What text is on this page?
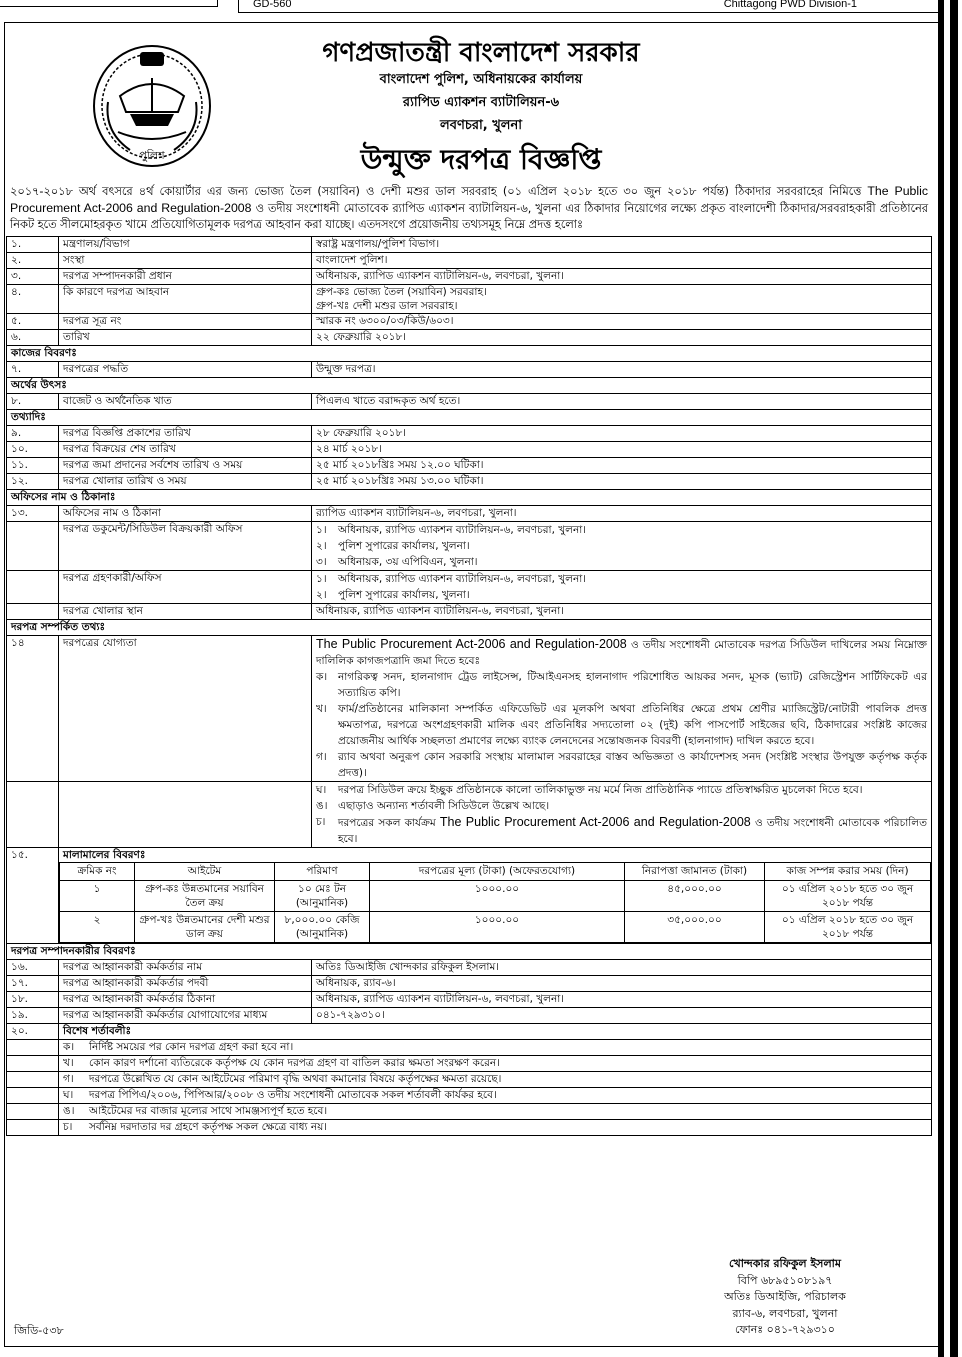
GD-560	Chittagong PWD Division-1
পুলিশ
গণপ্রজাতন্ত্রী বাংলাদেশ সরকার
বাংলাদেশ পুলিশ, অধিনায়কের কার্যালয়
র‌্যাপিড এ্যাকশন ব্যাটালিয়ন-৬
লবণচরা, খুলনা
উন্মুক্ত দরপত্র বিজ্ঞপ্তি
২০১৭-২০১৮ অর্থ বৎসরে ৪র্থ কোয়ার্টার এর জন্য ভোজ্য তৈল (সয়াবিন) ও দেশী মশুর ডাল সরবরাহ (০১ এপ্রিল ২০১৮ হতে ৩০ জুন ২০১৮ পর্যন্ত) ঠিকাদার সরবরাহের নিমিত্তে The Public Procurement Act-2006 and Regulation-2008 ও তদীয় সংশোধনী মোতাবেক র‌্যাপিড এ্যাকশন ব্যাটালিয়ন-৬, খুলনা এর ঠিকাদার নিয়োগের লক্ষ্যে প্রকৃত বাংলাদেশী ঠিকাদার/সরবরাহকারী প্রতিষ্ঠানের নিকট হতে সীলমোহরকৃত খামে প্রতিযোগিতামূলক দরপত্র আহবান করা যাচ্ছে। এতদসংগে প্রয়োজনীয় তথ্যসমূহ নিম্নে প্রদত্ত হলোঃ
১.	মন্ত্রণালয়/বিভাগ	স্বরাষ্ট্র মন্ত্রণালয়/পুলিশ বিভাগ।
২.	সংস্থা	বাংলাদেশ পুলিশ।
৩.	দরপত্র সম্পাদনকারী প্রধান	অধিনায়ক, র‌্যাপিড এ্যাকশন ব্যাটালিয়ন-৬, লবণচরা, খুলনা।
৪.	কি কারণে দরপত্র আহবান	গ্রুপ-কঃ ভোজ্য তৈল (সয়াবিন) সরবরাহ।
গ্রুপ-খঃ দেশী মশুর ডাল সরবরাহ।

৫.	দরপত্র সূত্র নং	স্মারক নং ৬৩০০/০৩/কিউ/৬০৩।
৬.	তারিখ	২২ ফেব্রুয়ারি ২০১৮।
কাজের বিবরণঃ
৭.	দরপত্রের পদ্ধতি	উন্মুক্ত দরপত্র।
অর্থের উৎসঃ
৮.	বাজেট ও অর্থনৈতিক খাত	পিএলএ খাতে বরাদ্দকৃত অর্থ হতে।
তথ্যাদিঃ
৯.	দরপত্র বিজ্ঞপ্তি প্রকাশের তারিখ	২৮ ফেব্রুয়ারি ২০১৮।
১০.	দরপত্র বিক্রয়ের শেষ তারিখ	২৪ মার্চ ২০১৮।
১১.	দরপত্র জমা প্রদানের সর্বশেষ তারিখ ও সময়	২৫ মার্চ ২০১৮খ্রিঃ সময় ১২.০০ ঘটিকা।
১২.	দরপত্র খোলার তারিখ ও সময়	২৫ মার্চ ২০১৮খ্রিঃ সময় ১৩.০০ ঘটিকা।
অফিসের নাম ও ঠিকানাঃ
১৩.	অফিসের নাম ও ঠিকানা	র‌্যাপিড এ্যাকশন ব্যাটালিয়ন-৬, লবণচরা, খুলনা।
	দরপত্র ডকুমেন্ট/সিডিউল বিক্রয়কারী অফিস	১।	অধিনায়ক, র‌্যাপিড এ্যাকশন ব্যাটালিয়ন-৬, লবণচরা, খুলনা।
২।	পুলিশ সুপারের কার্যালয়, খুলনা।
৩।	অধিনায়ক, ৩য় এপিবিএন, খুলনা।

	দরপত্র গ্রহণকারী/অফিস	১।	অধিনায়ক, র‌্যাপিড এ্যাকশন ব্যাটালিয়ন-৬, লবণচরা, খুলনা।
২।	পুলিশ সুপারের কার্যালয়, খুলনা।

	দরপত্র খোলার স্থান	অধিনায়ক, র‌্যাপিড এ্যাকশন ব্যাটালিয়ন-৬, লবণচরা, খুলনা।
দরপত্র সম্পর্কিত তথ্যঃ
১৪	দরপত্রের যোগ্যতা	The Public Procurement Act-2006 and Regulation-2008 ও তদীয় সংশোধনী মোতাবেক দরপত্র সিডিউল দাখিলের সময় নিম্নোক্ত দালিলিক কাগজপত্রাদি জমা দিতে হবেঃ
ক।	নাগরিকত্ব সনদ, হালনাগাদ ট্রেড লাইসেন্স, টিআইএনসহ হালনাগাদ পরিশোধিত আয়কর সনদ, মূসক (ভ্যাট) রেজিস্ট্রেশন সার্টিফিকেট এর সত্যায়িত কপি।
খ।	ফার্ম/প্রতিষ্ঠানের মালিকানা সম্পর্কিত এফিডেভিট এর মূলকপি অথবা প্রতিনিধির ক্ষেত্রে প্রথম শ্রেণীর ম্যাজিস্ট্রেট/নোটারী পাবলিক প্রদত্ত ক্ষমতাপত্র, দরপত্রে অংশগ্রহণকারী মালিক এবং প্রতিনিধির সদ্যতোলা ০২ (দুই) কপি পাসপোর্ট সাইজের ছবি, ঠিকাদারের সংশ্লিষ্ট কাজের প্রয়োজনীয় আর্থিক সচ্ছলতা প্রমাণের লক্ষ্যে ব্যাংক লেনদেনের সন্তোষজনক বিবরণী (হালনাগাদ) দাখিল করতে হবে।
গ।	র‌্যাব অথবা অনুরূপ কোন সরকারি সংস্থায় মালামাল সরবরাহের বাস্তব অভিজ্ঞতা ও কার্যাদেশসহ সনদ (সংশ্লিষ্ট সংস্থার উপযুক্ত কর্তৃপক্ষ কর্তৃক প্রদত্ত)।

ঘ।	দরপত্র সিডিউল ক্রয়ে ইচ্ছুক প্রতিষ্ঠানকে কালো তালিকাভুক্ত নয় মর্মে নিজ প্রাতিষ্ঠানিক প্যাডে প্রতিস্বাক্ষরিত মুচলেকা দিতে হবে।
ঙ।	এছাড়াও অন্যান্য শর্তাবলী সিডিউলে উল্লেখ আছে।
চ।	দরপত্রের সকল কার্যক্রম The Public Procurement Act-2006 and Regulation-2008 ও তদীয় সংশোধনী মোতাবেক পরিচালিত হবে।

১৫.	মালামালের বিবরণঃ
ক্রমিক নং	আইটেম	পরিমাণ	দরপত্রের মূল্য (টাকা) (অফেরতযোগ্য)	নিরাপত্তা জামানত (টাকা)	কাজ সম্পন্ন করার সময় (দিন)
১	গ্রুপ-কঃ উন্নতমানের সয়াবিন তৈল ক্রয়	১০ মেঃ টন (আনুমানিক)	১০০০.০০	৪৫,০০০.০০	০১ এপ্রিল ২০১৮ হতে ৩০ জুন ২০১৮ পর্যন্ত
২	গ্রুপ-খঃ উন্নতমানের দেশী মশুর ডাল ক্রয়	৮,০০০.০০ কেজি (আনুমানিক)	১০০০.০০	৩৫,০০০.০০	০১ এপ্রিল ২০১৮ হতে ৩০ জুন ২০১৮ পর্যন্ত

দরপত্র সম্পাদনকারীর বিবরণঃ
১৬.	দরপত্র আহ্বানকারী কর্মকর্তার নাম	অতিঃ ডিআইজি খোন্দকার রফিকুল ইসলাম।
১৭.	দরপত্র আহ্বানকারী কর্মকর্তার পদবী	অধিনায়ক, র‌্যাব-৬।
১৮.	দরপত্র আহ্বানকারী কর্মকর্তার ঠিকানা	অধিনায়ক, র‌্যাপিড এ্যাকশন ব্যাটালিয়ন-৬, লবণচরা, খুলনা।
১৯.	দরপত্র আহ্বানকারী কর্মকর্তার যোগাযোগের মাধ্যম	০৪১-৭২৯৩১০।
২০.	বিশেষ শর্তাবলীঃ
	ক। নির্দিষ্ট সময়ের পর কোন দরপত্র গ্রহণ করা হবে না।
	খ। কোন কারণ দর্শানো ব্যতিরেকে কর্তৃপক্ষ যে কোন দরপত্র গ্রহণ বা বাতিল করার ক্ষমতা সংরক্ষণ করেন।
	গ। দরপত্রে উল্লেখিত যে কোন আইটেমের পরিমাণ বৃদ্ধি অথবা কমানোর বিষয়ে কর্তৃপক্ষের ক্ষমতা রয়েছে।
	ঘ। দরপত্র পিপিএ/২০০৬, পিপিআর/২০০৮ ও তদীয় সংশোধনী মোতাবেক সকল শর্তাবলী কার্যকর হবে।
	ঙ। আইটেমের দর বাজার মূল্যের সাথে সামঞ্জস্যপূর্ণ হতে হবে।
	চ। সর্বনিম্ন দরদাতার দর গ্রহণে কর্তৃপক্ষ সকল ক্ষেত্রে বাধ্য নয়।
খোন্দকার রফিকুল ইসলাম
বিপি ৬৮৯৫১০৮১৯৭
অতিঃ ডিআইজি, পরিচালক
র‌্যাব-৬, লবণচরা, খুলনা
ফোনঃ ০৪১-৭২৯৩১০
জিডি-৫৩৮
